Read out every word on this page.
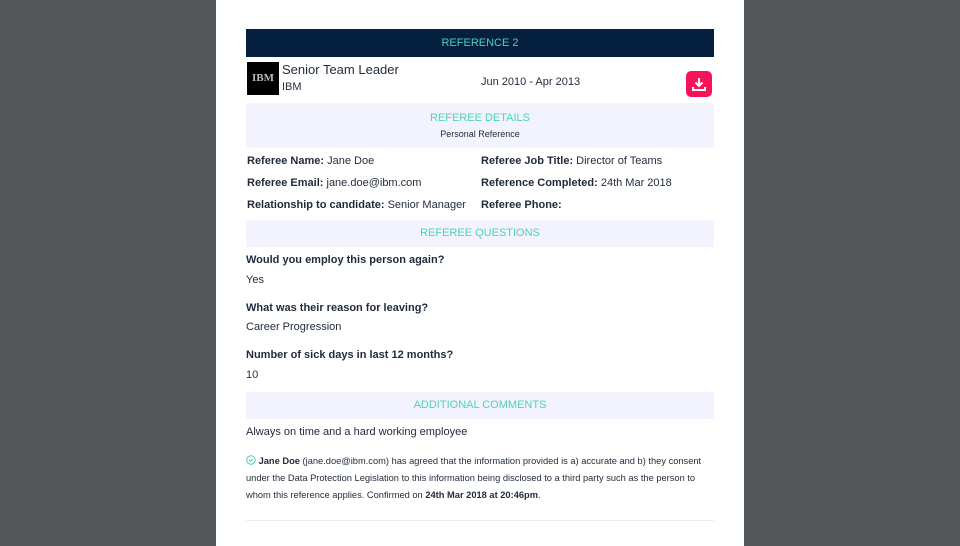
REFERENCE 2
IBM
Senior Team Leader
IBM	Jun 2010 - Apr 2013
REFEREE DETAILS
Personal Reference
Referee Name: Jane Doe	Referee Job Title: Director of Teams
Referee Email: jane.doe@ibm.com	Reference Completed: 24th Mar 2018
Relationship to candidate: Senior Manager Referee Phone:
REFEREE QUESTIONS
Would you employ this person again?
Yes
What was their reason for leaving?
Career Progression
Number of sick days in last 12 months?
10
ADDITIONAL COMMENTS
Always on time and a hard working employee
Jane Doe (jane.doe@ibm.com) has agreed that the information provided is a) accurate and b) they consent under the Data Protection Legislation to this information being disclosed to a third party such as the person to whom this reference applies. Confirmed on 24th Mar 2018 at 20:46pm.
